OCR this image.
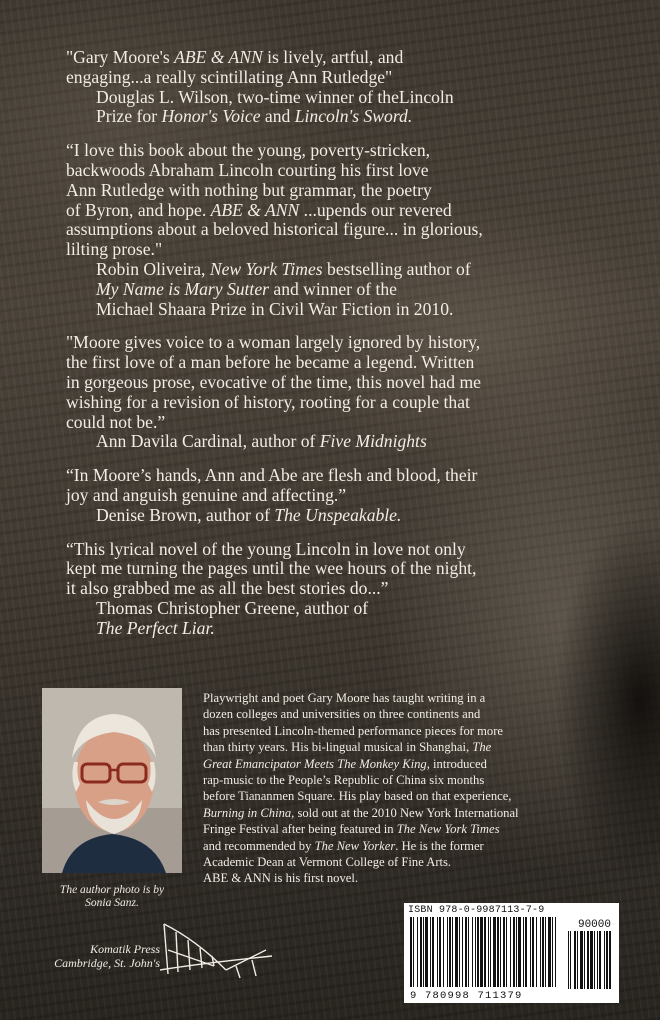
"Gary Moore's ABE & ANN is lively, artful, and
engaging...a really scintillating Ann Rutledge"
Douglas L. Wilson, two-time winner of theLincoln
Prize for Honor's Voice and Lincoln's Sword.
“I love this book about the young, poverty-stricken,
backwoods Abraham Lincoln courting his first love
Ann Rutledge with nothing but grammar, the poetry
of Byron, and hope. ABE & ANN ...upends our revered
assumptions about a beloved historical figure... in glorious,
lilting prose."
Robin Oliveira, New York Times bestselling author of
My Name is Mary Sutter and winner of the
Michael Shaara Prize in Civil War Fiction in 2010.
"Moore gives voice to a woman largely ignored by history,
the first love of a man before he became a legend. Written
in gorgeous prose, evocative of the time, this novel had me
wishing for a revision of history, rooting for a couple that
could not be.”
Ann Davila Cardinal, author of Five Midnights
“In Moore’s hands, Ann and Abe are flesh and blood, their
joy and anguish genuine and affecting.”
Denise Brown, author of The Unspeakable.
“This lyrical novel of the young Lincoln in love not only
kept me turning the pages until the wee hours of the night,
it also grabbed me as all the best stories do...”
Thomas Christopher Greene, author of
The Perfect Liar.
The author photo is by
Sonia Sanz.
Playwright and poet Gary Moore has taught writing in a
dozen colleges and universities on three continents and
has presented Lincoln-themed performance pieces for more
than thirty years. His bi-lingual musical in Shanghai, The
Great Emancipator Meets The Monkey King, introduced
rap-music to the People’s Republic of China six months
before Tiananmen Square. His play based on that experience,
Burning in China, sold out at the 2010 New York International
Fringe Festival after being featured in The New York Times
and recommended by The New Yorker. He is the former
Academic Dean at Vermont College of Fine Arts.
ABE & ANN is his first novel.
ISBN 978-0-9987113-7-9
90000
9 780998 711379
Komatik Press
Cambridge, St. John's
